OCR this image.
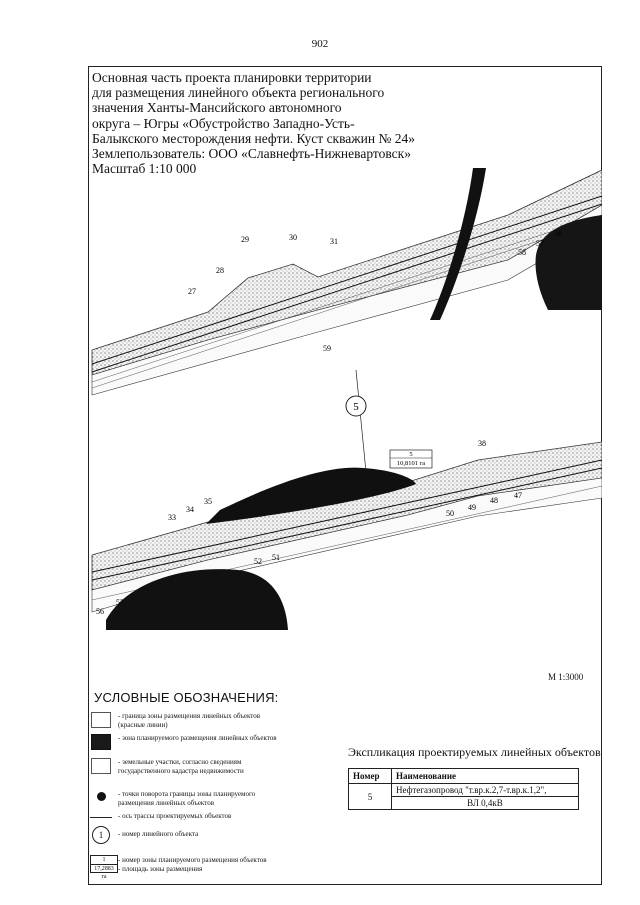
902
Основная часть проекта планировки территории
для размещения линейного объекта регионального
значения Ханты-Мансийского автономного
округа – Югры «Обустройство Западно-Усть-
Балыкского месторождения нефти. Куст скважин № 24»
Землепользователь: ООО «Славнефть-Нижневартовск»
Масштаб 1:10 000
5
5
10,8101 га
27
28
29	30	31
58
57
56
59
33
34
35
38
47
48
49
50
51
52
56
57
М 1:3000
УСЛОВНЫЕ ОБОЗНАЧЕНИЯ:
- граница зоны размещения линейных объектов (красные линии)
- зона планируемого размещения линейных объектов
- земельные участки, согласно сведениям государственного кадастра недвижимости
- точки поворота границы зоны планируемого размещения линейных объектов
- ось трассы проектируемых объектов
1	- номер линейного объекта
1
17,2883 га
- номер зоны планируемого размещения объектов
- площадь зоны размещения
Экспликация проектируемых линейных объектов
Номер	Наименование
5	Нефтегазопровод "т.вр.к.2,7-т.вр.к.1,2",
	ВЛ 0,4кВ
